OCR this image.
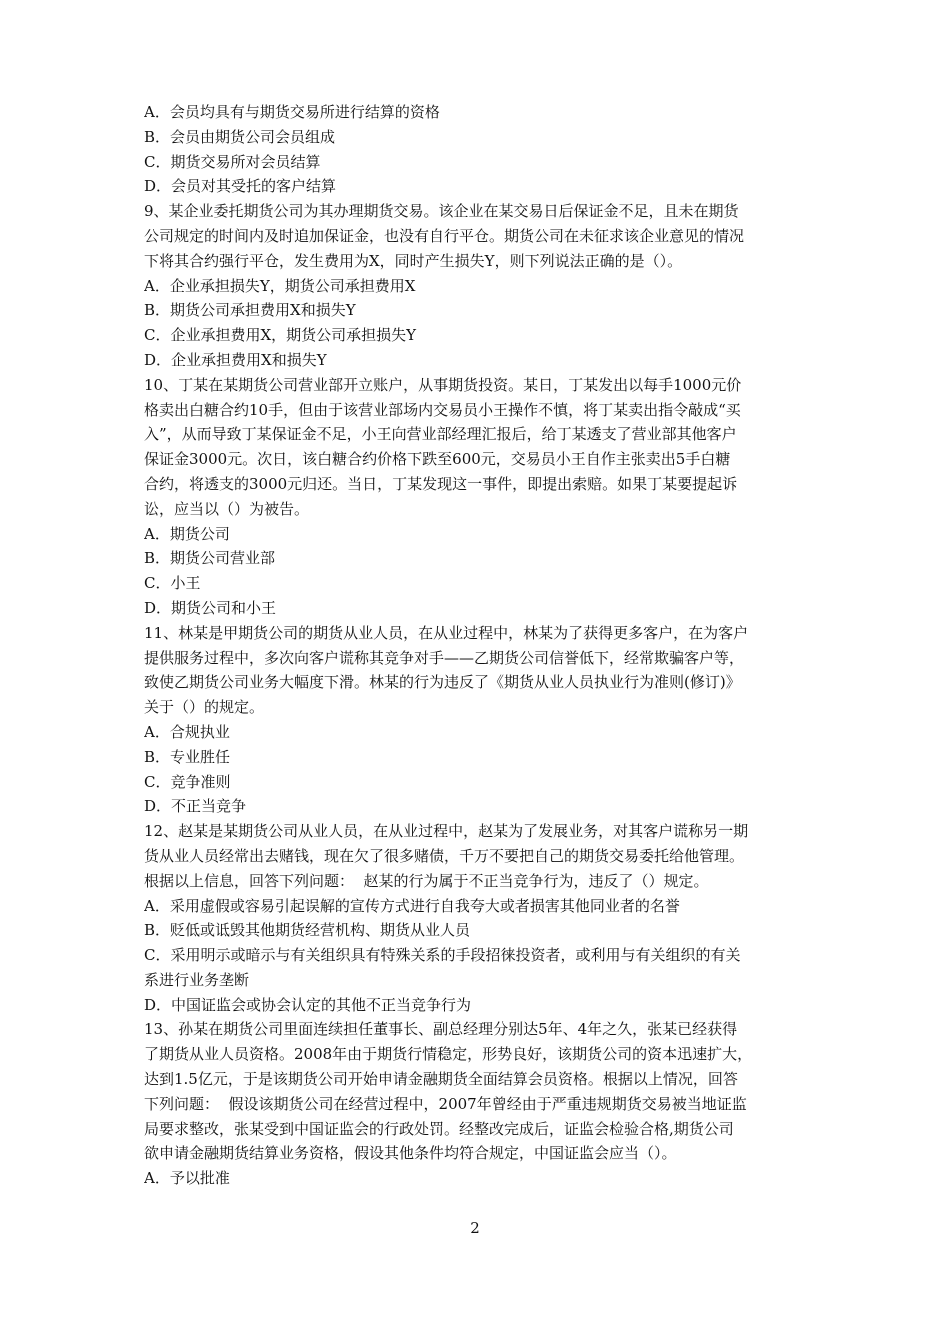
A．会员均具有与期货交易所进行结算的资格
B．会员由期货公司会员组成
C．期货交易所对会员结算
D．会员对其受托的客户结算
9、某企业委托期货公司为其办理期货交易。该企业在某交易日后保证金不足，且未在期货
公司规定的时间内及时追加保证金，也没有自行平仓。期货公司在未征求该企业意见的情况
下将其合约强行平仓，发生费用为X，同时产生损失Y，则下列说法正确的是（）。
A．企业承担损失Y，期货公司承担费用X
B．期货公司承担费用X和损失Y
C．企业承担费用X，期货公司承担损失Y
D．企业承担费用X和损失Y
10、丁某在某期货公司营业部开立账户，从事期货投资。某日，丁某发出以每手1000元价
格卖出白糖合约10手，但由于该营业部场内交易员小王操作不慎，将丁某卖出指令敲成“买
入”，从而导致丁某保证金不足，小王向营业部经理汇报后，给丁某透支了营业部其他客户
保证金3000元。次日，该白糖合约价格下跌至600元，交易员小王自作主张卖出5手白糖
合约，将透支的3000元归还。当日，丁某发现这一事件，即提出索赔。如果丁某要提起诉
讼，应当以（）为被告。
A．期货公司
B．期货公司营业部
C．小王
D．期货公司和小王
11、林某是甲期货公司的期货从业人员，在从业过程中，林某为了获得更多客户，在为客户
提供服务过程中，多次向客户谎称其竞争对手——乙期货公司信誉低下，经常欺骗客户等，
致使乙期货公司业务大幅度下滑。林某的行为违反了《期货从业人员执业行为准则(修订)》
关于（）的规定。
A．合规执业
B．专业胜任
C．竞争准则
D．不正当竞争
12、赵某是某期货公司从业人员，在从业过程中，赵某为了发展业务，对其客户谎称另一期
货从业人员经常出去赌钱，现在欠了很多赌债，千万不要把自己的期货交易委托给他管理。
根据以上信息，回答下列问题：  赵某的行为属于不正当竞争行为，违反了（）规定。
A．采用虚假或容易引起误解的宣传方式进行自我夸大或者损害其他同业者的名誉
B．贬低或诋毁其他期货经营机构、期货从业人员
C．采用明示或暗示与有关组织具有特殊关系的手段招徕投资者，或利用与有关组织的有关
系进行业务垄断
D．中国证监会或协会认定的其他不正当竞争行为
13、孙某在期货公司里面连续担任董事长、副总经理分别达5年、4年之久，张某已经获得
了期货从业人员资格。2008年由于期货行情稳定，形势良好，该期货公司的资本迅速扩大，
达到1.5亿元，于是该期货公司开始申请金融期货全面结算会员资格。根据以上情况，回答
下列问题：  假设该期货公司在经营过程中，2007年曾经由于严重违规期货交易被当地证监
局要求整改，张某受到中国证监会的行政处罚。经整改完成后，证监会检验合格,期货公司
欲申请金融期货结算业务资格，假设其他条件均符合规定，中国证监会应当（）。
A．予以批准
2
